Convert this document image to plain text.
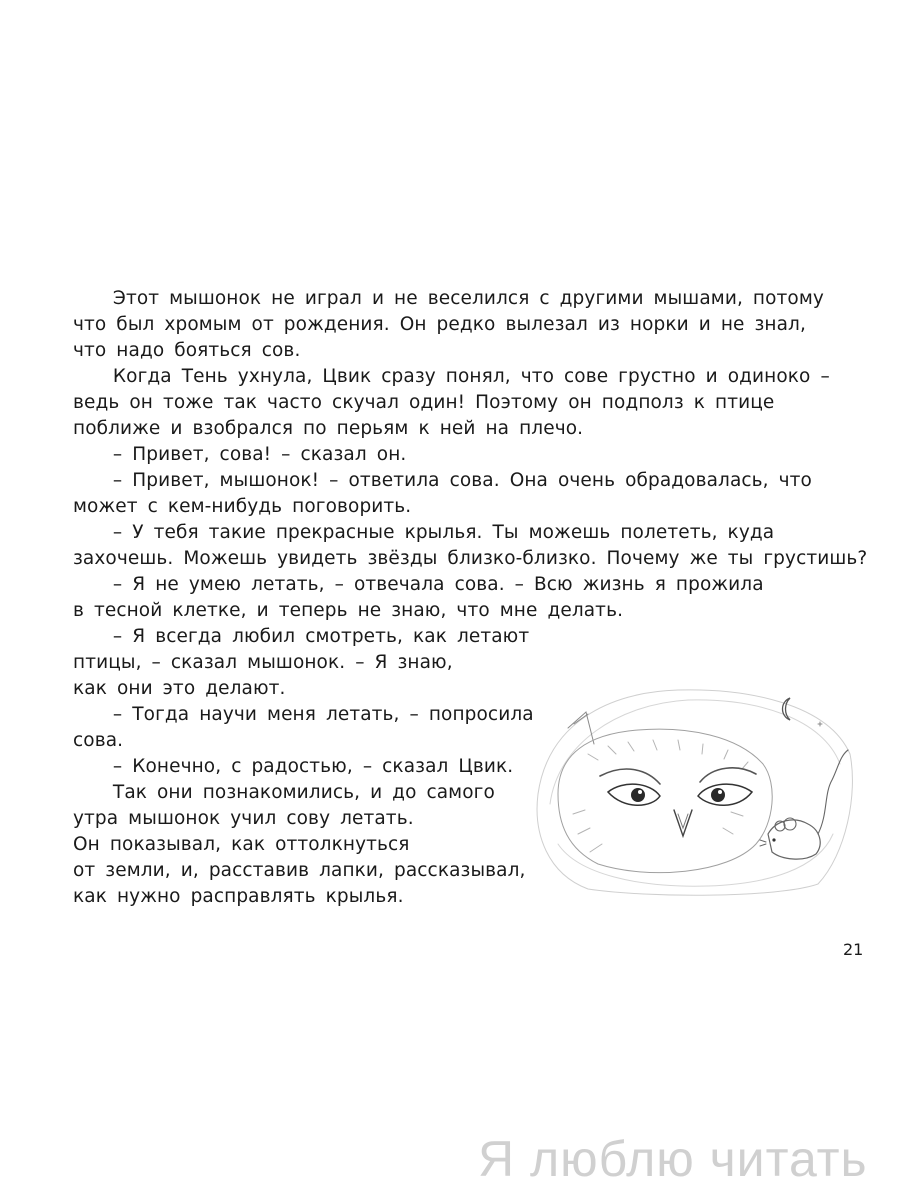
Этот мышонок не играл и не веселился с другими мышами, потому
что был хромым от рождения. Он редко вылезал из норки и не знал,
что надо бояться сов.
Когда Тень ухнула, Цвик сразу понял, что сове грустно и одиноко –
ведь он тоже так часто скучал один! Поэтому он подполз к птице
поближе и взобрался по перьям к ней на плечо.
– Привет, сова! – сказал он.
– Привет, мышонок! – ответила сова. Она очень обрадовалась, что
может с кем-нибудь поговорить.
– У тебя такие прекрасные крылья. Ты можешь полететь, куда
захочешь. Можешь увидеть звёзды близко-близко. Почему же ты грустишь?
– Я не умею летать, – отвечала сова. – Всю жизнь я прожила
в тесной клетке, и теперь не знаю, что мне делать.
– Я всегда любил смотреть, как летают
птицы, – сказал мышонок. – Я знаю,
как они это делают.
– Тогда научи меня летать, – попросила
сова.
– Конечно, с радостью, – сказал Цвик.
Так они познакомились, и до самого
утра мышонок учил сову летать.
Он показывал, как оттолкнуться
от земли, и, расставив лапки, рассказывал,
как нужно расправлять крылья.
21
Я люблю читать
